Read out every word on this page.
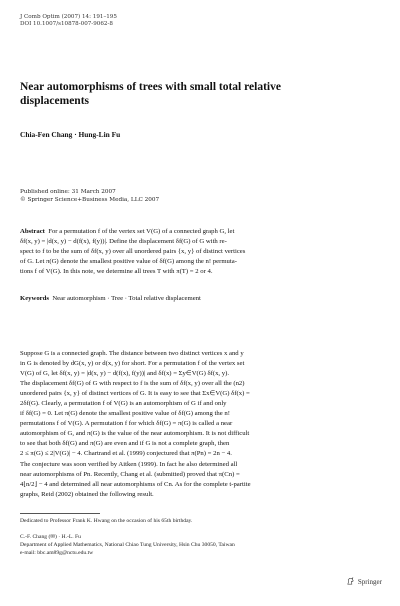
J Comb Optim (2007) 14: 191–195
DOI 10.1007/s10878-007-9062-8
Near automorphisms of trees with small total relative
displacements
Chia-Fen Chang · Hung-Lin Fu
Published online: 31 March 2007
© Springer Science+Business Media, LLC 2007
Abstract For a permutation f of the vertex set V(G) of a connected graph G, let
δf(x, y) = |d(x, y) − d(f(x), f(y))|. Define the displacement δf(G) of G with re-
spect to f to be the sum of δf(x, y) over all unordered pairs {x, y} of distinct vertices
of G. Let π(G) denote the smallest positive value of δf(G) among the n! permuta-
tions f of V(G). In this note, we determine all trees T with π(T) = 2 or 4.
Keywords Near automorphism · Tree · Total relative displacement
Suppose G is a connected graph. The distance between two distinct vertices x and y
in G is denoted by dG(x, y) or d(x, y) for short. For a permutation f of the vertex set
V(G) of G, let δf(x, y) = |d(x, y) − d(f(x), f(y))| and δf(x) = Σy∈V(G) δf(x, y).
The displacement δf(G) of G with respect to f is the sum of δf(x, y) over all the (n2)
unordered pairs {x, y} of distinct vertices of G. It is easy to see that Σx∈V(G) δf(x) =
2δf(G). Clearly, a permutation f of V(G) is an automorphism of G if and only
if δf(G) = 0. Let π(G) denote the smallest positive value of δf(G) among the n!
permutations f of V(G). A permutation f for which δf(G) = π(G) is called a near
automorphism of G, and π(G) is the value of the near automorphism. It is not difficult
to see that both δf(G) and π(G) are even and if G is not a complete graph, then
2 ≤ π(G) ≤ 2|V(G)| − 4. Chartrand et al. (1999) conjectured that π(Pn) = 2n − 4.
The conjecture was soon verified by Aitken (1999). In fact he also determined all
near automorphisms of Pn. Recently, Chang et al. (submitted) proved that π(Cn) =
4⌊n/2⌋ − 4 and determined all near automorphisms of Cn. As for the complete t-partite
graphs, Reid (2002) obtained the following result.
Dedicated to Professor Frank K. Hwang on the occasion of his 65th birthday.
C.-F. Chang (✉) · H.-L. Fu
Department of Applied Mathematics, National Chiao Tung University, Hsin Chu 30050, Taiwan
e-mail: bbc.am89g@nctu.edu.tw
Springer
